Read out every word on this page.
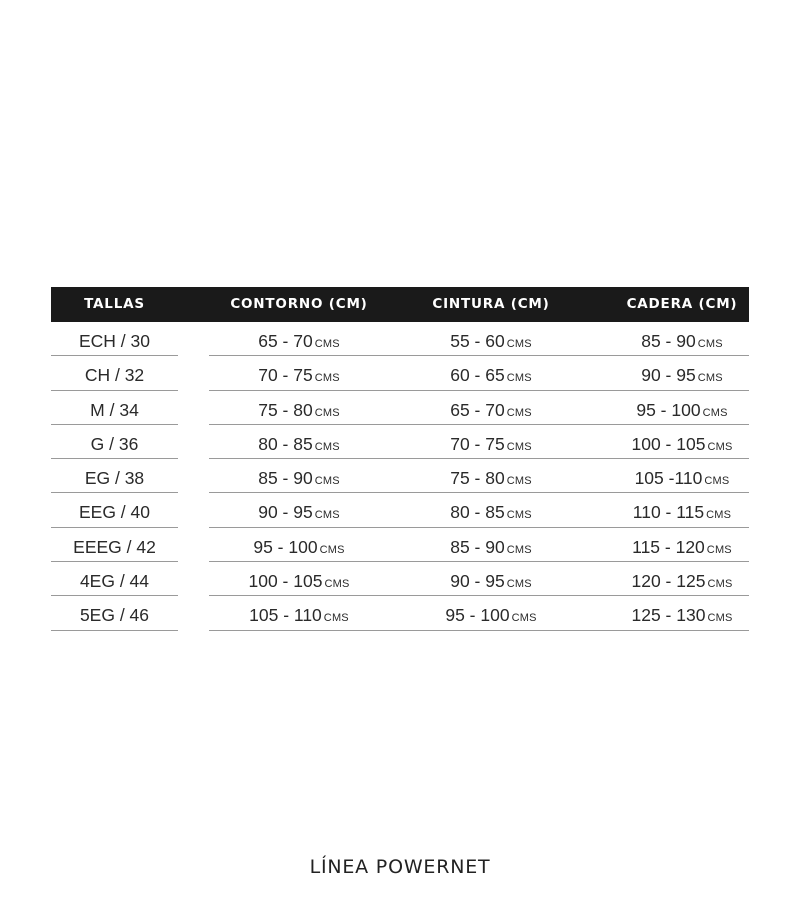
TALLAS	CONTORNO (CM)	CINTURA (CM)	CADERA (CM)
ECH / 30	65 - 70 CMS	55 - 60 CMS	85 - 90 CMS
CH / 32	70 - 75 CMS	60 - 65 CMS	90 - 95 CMS
M / 34	75 - 80 CMS	65 - 70 CMS	95 - 100 CMS
G / 36	80 - 85 CMS	70 - 75 CMS	100 - 105 CMS
EG / 38	85 - 90 CMS	75 - 80 CMS	105 -110 CMS
EEG / 40	90 - 95 CMS	80 - 85 CMS	110 - 115 CMS
EEEG / 42	95 - 100 CMS	85 - 90 CMS	115 - 120 CMS
4EG / 44	100 - 105 CMS	90 - 95 CMS	120 - 125 CMS
5EG / 46	105 - 110 CMS	95 - 100 CMS	125 - 130 CMS
LÍNEA POWERNET
